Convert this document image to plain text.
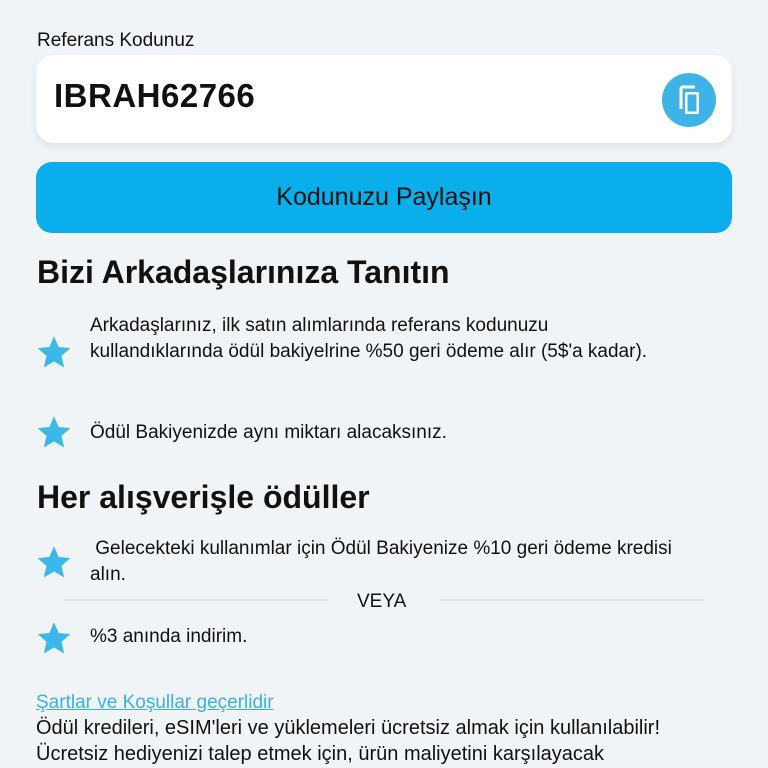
Referans Kodunuz
IBRAH62766
Kodunuzu Paylaşın
Bizi Arkadaşlarınıza Tanıtın
Arkadaşlarınız, ilk satın alımlarında referans kodunuzu kullandıklarında ödül bakiyelrine %50 geri ödeme alır (5$'a kadar).
Ödül Bakiyenizde aynı miktarı alacaksınız.
Her alışverişle ödüller
Gelecekteki kullanımlar için Ödül Bakiyenize %10 geri ödeme kredisi alın.
VEYA
%3 anında indirim.
Şartlar ve Koşullar geçerlidir
Ödül kredileri, eSIM'leri ve yüklemeleri ücretsiz almak için kullanılabilir!
Ücretsiz hediyenizi talep etmek için, ürün maliyetini karşılayacak
